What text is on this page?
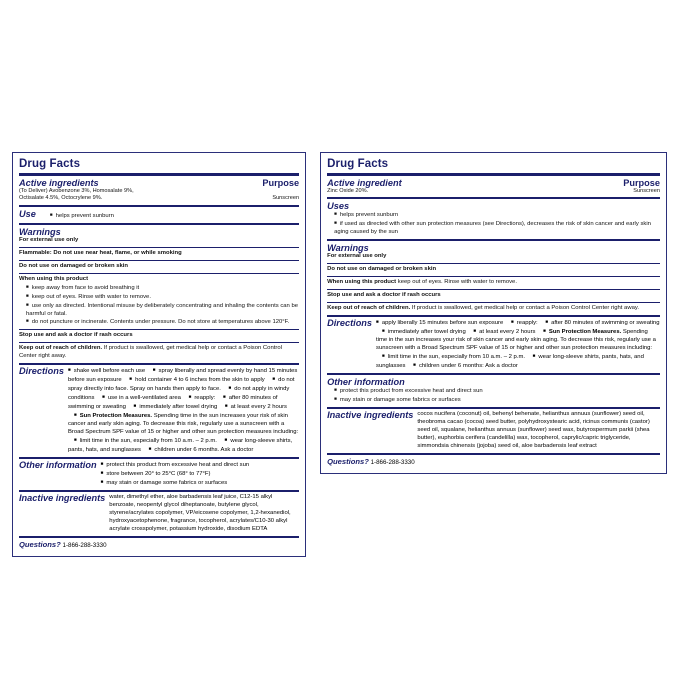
Drug Facts
Active ingredients	Purpose
(To Deliver) Avobenzone 3%, Homosalate 9%,
Octisalate 4.5%, Octocrylene 9%.	Sunscreen
Use ■	helps prevent sunburn
Warnings
For external use only
Flammable: Do not use near heat, flame, or while smoking
Do not use on damaged or broken skin
When using this product
■ keep away from face to avoid breathing it
■ keep out of eyes. Rinse with water to remove.
■ use only as directed. Intentional misuse by deliberately concentrating and inhaling the contents can be harmful or fatal.
■ do not puncture or incinerate. Contents under pressure. Do not store at temperatures above 120°F.
Stop use and ask a doctor if rash occurs
Keep out of reach of children. If product is swallowed, get medical help or contact a Poison Control Center right away.
Directions ■	shake well before each use ■ spray liberally and spread evenly by hand 15 minutes before sun exposure ■ hold container 4 to 6 inches from the skin to apply ■ do not spray directly into face. Spray on hands then apply to face. ■ do not apply in windy conditions ■ use in a well-ventilated area ■ reapply: ■ after 80 minutes of swimming or sweating ■ immediately after towel drying ■ at least every 2 hours ■ Sun Protection Measures. Spending time in the sun increases your risk of skin cancer and early skin aging. To decrease this risk, regularly use a sunscreen with a Broad Spectrum SPF value of 15 or higher and other sun protection measures including: ■ limit time in the sun, especially from 10 a.m. – 2 p.m. ■ wear long-sleeve shirts, pants, hats, and sunglasses ■ children under 6 months. Ask a doctor
Other information ■	protect this product from excessive heat and direct sun
■ store between 20° to 25°C (68° to 77°F)
■ may stain or damage some fabrics or surfaces
Inactive ingredients water, dimethyl ether, aloe barbadensis leaf juice, C12-15 alkyl benzoate, neopentyl glycol diheptanoate, butylene glycol, styrene/acrylates copolymer, VP/eicosene copolymer, 1,2-hexanediol, hydroxyacetophenone, fragrance, tocopherol, acrylates/C10-30 alkyl acrylate crosspolymer, potassium hydroxide, disodium EDTA
Questions? 1-866-288-3330
Drug Facts
Active ingredient	Purpose
Zinc Oxide 20%.	Sunscreen
Uses
■ helps prevent sunburn
■ if used as directed with other sun protection measures (see Directions), decreases the risk of skin cancer and early skin aging caused by the sun
Warnings
For external use only
Do not use on damaged or broken skin
When using this product keep out of eyes. Rinse with water to remove.
Stop use and ask a doctor if rash occurs
Keep out of reach of children. If product is swallowed, get medical help or contact a Poison Control Center right away.
Directions ■	apply liberally 15 minutes before sun exposure ■ reapply: ■ after 80 minutes of swimming or sweating ■ immediately after towel drying ■ at least every 2 hours ■ Sun Protection Measures. Spending time in the sun increases your risk of skin cancer and early skin aging. To decrease this risk, regularly use a sunscreen with a Broad Spectrum SPF value of 15 or higher and other sun protection measures including: ■ limit time in the sun, especially from 10 a.m. – 2 p.m. ■ wear long-sleeve shirts, pants, hats, and sunglasses ■ children under 6 months: Ask a doctor
Other information
■ protect this product from excessive heat and direct sun
■ may stain or damage some fabrics or surfaces
Inactive ingredients cocos nucifera (coconut) oil, behenyl behenate, helianthus annuus (sunflower) seed oil, theobroma cacao (cocoa) seed butter, polyhydroxystearic acid, ricinus communis (castor) seed oil, squalane, helianthus annuus (sunflower) seed wax, butyrospermum parkii (shea butter), euphorbia cerifera (candelilla) wax, tocopherol, caprylic/capric triglyceride, simmondsia chinensis (jojoba) seed oil, aloe barbadensis leaf extract
Questions? 1-866-288-3330
